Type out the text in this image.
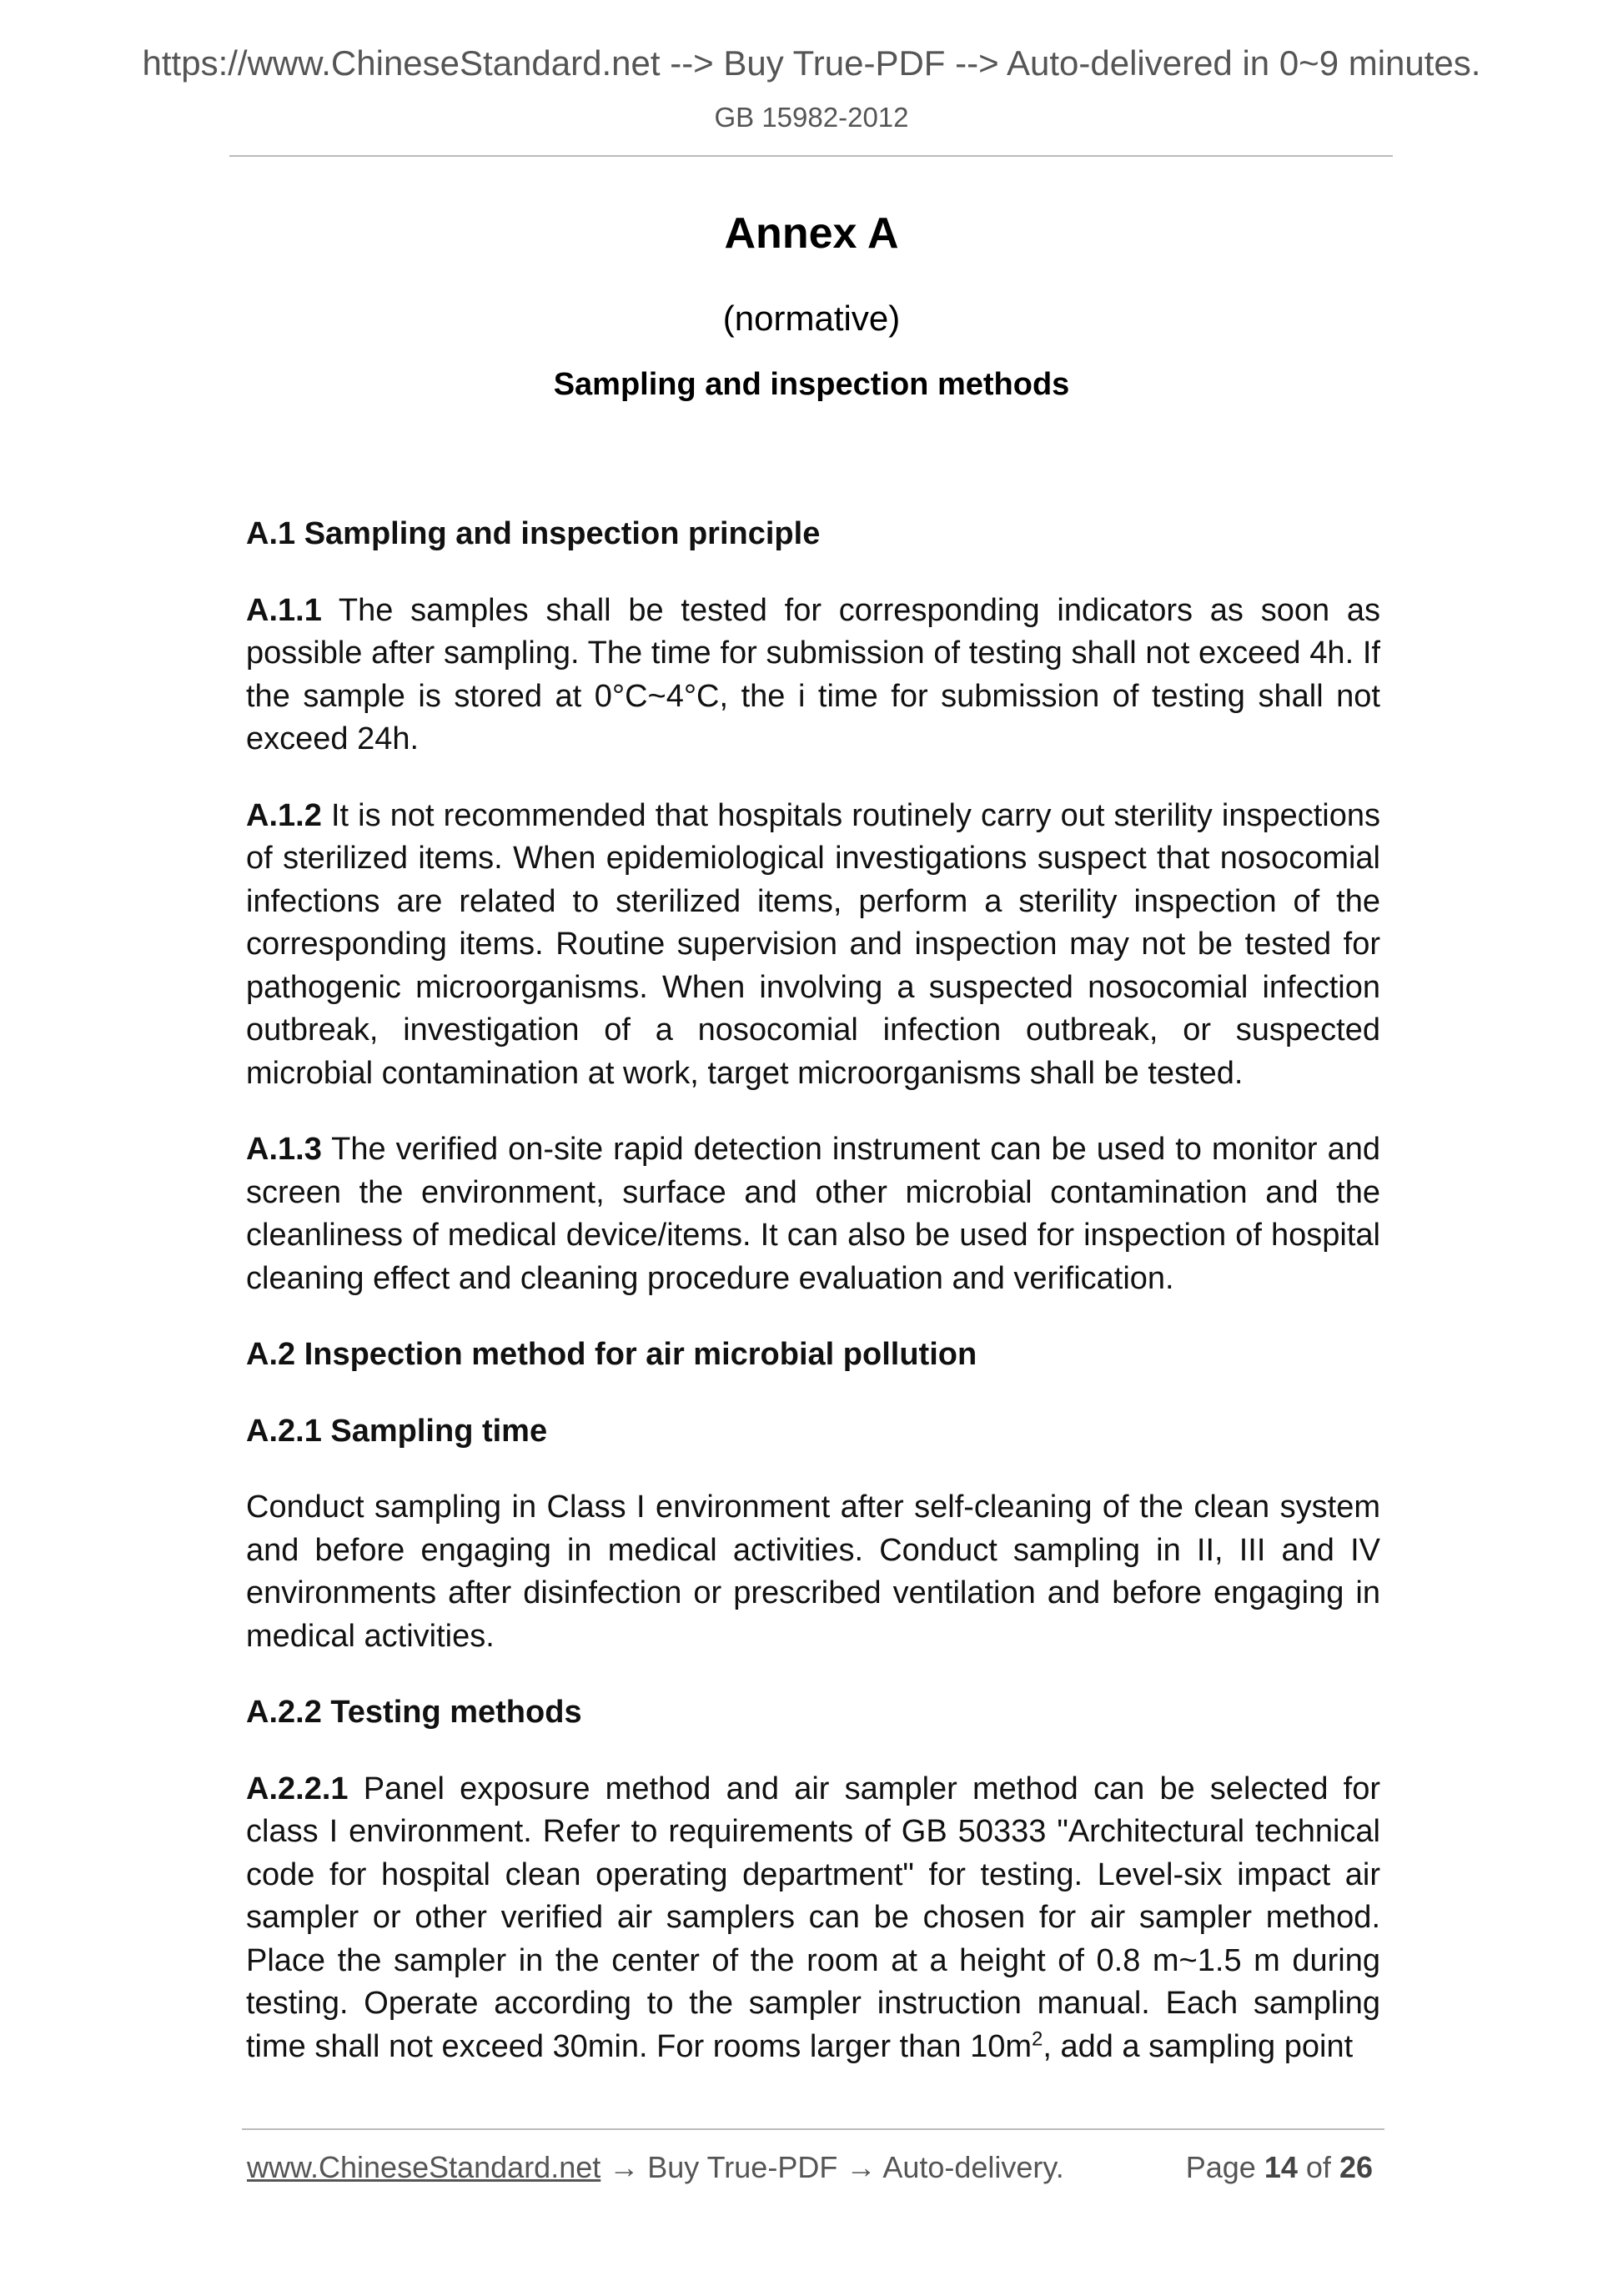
https://www.ChineseStandard.net --> Buy True-PDF --> Auto-delivered in 0~9 minutes.
GB 15982-2012
Annex A
(normative)
Sampling and inspection methods
A.1 Sampling and inspection principle

A.1.1 The samples shall be tested for corresponding indicators as soon as possible after sampling. The time for submission of testing shall not exceed 4h. If the sample is stored at 0°C~4°C, the i time for submission of testing shall not exceed 24h.

A.1.2 It is not recommended that hospitals routinely carry out sterility inspections of sterilized items. When epidemiological investigations suspect that nosocomial infections are related to sterilized items, perform a sterility inspection of the corresponding items. Routine supervision and inspection may not be tested for pathogenic microorganisms. When involving a suspected nosocomial infection outbreak, investigation of a nosocomial infection outbreak, or suspected microbial contamination at work, target microorganisms shall be tested.

A.1.3 The verified on-site rapid detection instrument can be used to monitor and screen the environment, surface and other microbial contamination and the cleanliness of medical device/items. It can also be used for inspection of hospital cleaning effect and cleaning procedure evaluation and verification.

A.2 Inspection method for air microbial pollution
A.2.1 Sampling time

Conduct sampling in Class I environment after self-cleaning of the clean system and before engaging in medical activities. Conduct sampling in II, III and IV environments after disinfection or prescribed ventilation and before engaging in medical activities.

A.2.2 Testing methods

A.2.2.1 Panel exposure method and air sampler method can be selected for class I environment. Refer to requirements of GB 50333 "Architectural technical code for hospital clean operating department" for testing. Level-six impact air sampler or other verified air samplers can be chosen for air sampler method. Place the sampler in the center of the room at a height of 0.8 m~1.5 m during testing. Operate according to the sampler instruction manual. Each sampling time shall not exceed 30min. For rooms larger than $10m^2$, add a sampling point

www.ChineseStandard.net → Buy True-PDF → Auto-delivery.	Page 14 of 26
